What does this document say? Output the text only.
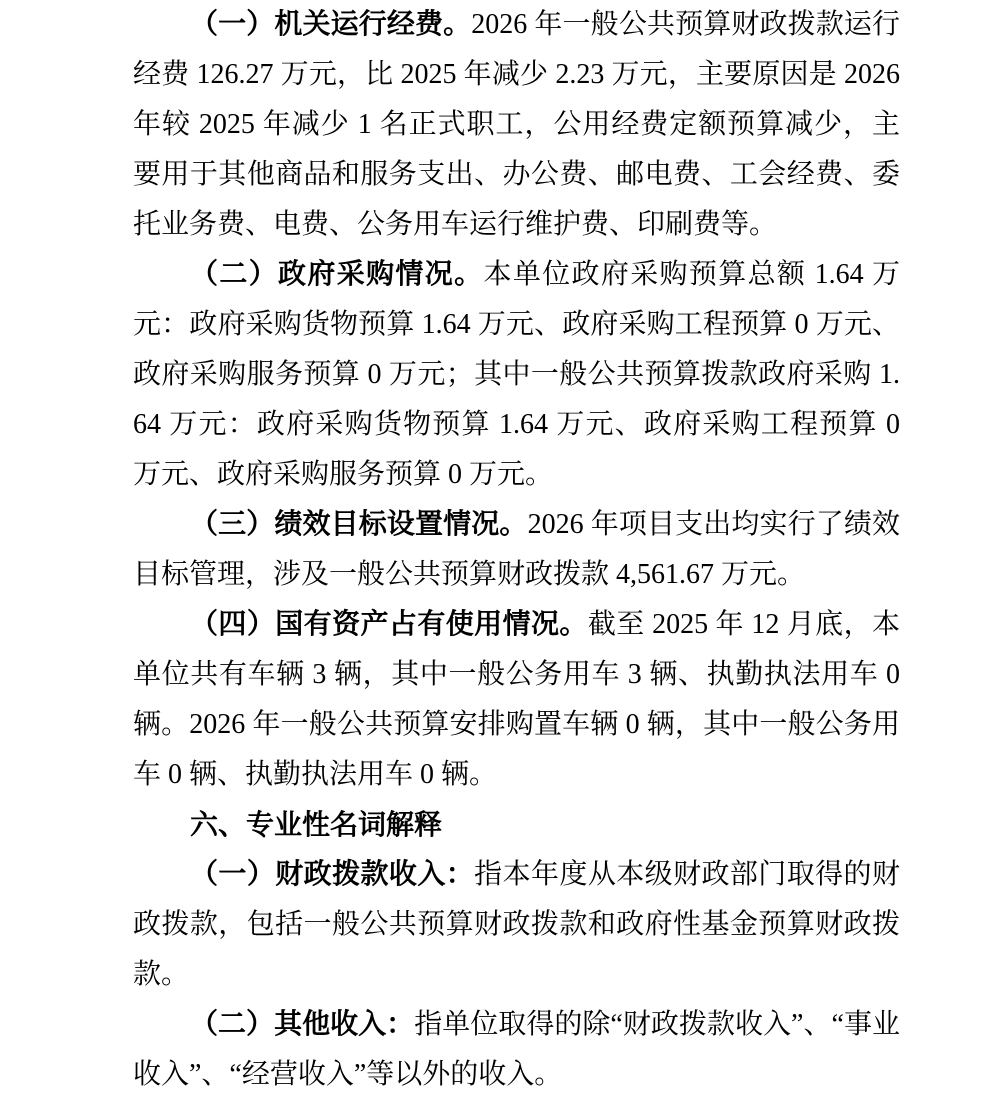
（一）机关运行经费。2026 年一般公共预算财政拨款运行经费 126.27 万元，比 2025 年减少 2.23 万元，主要原因是 2026 年较 2025 年减少 1 名正式职工，公用经费定额预算减少，主要用于其他商品和服务支出、办公费、邮电费、工会经费、委托业务费、电费、公务用车运行维护费、印刷费等。

（二）政府采购情况。本单位政府采购预算总额 1.64 万元：政府采购货物预算 1.64 万元、政府采购工程预算 0 万元、政府采购服务预算 0 万元；其中一般公共预算拨款政府采购 1.64 万元：政府采购货物预算 1.64 万元、政府采购工程预算 0 万元、政府采购服务预算 0 万元。

（三）绩效目标设置情况。2026 年项目支出均实行了绩效目标管理，涉及一般公共预算财政拨款 4,561.67 万元。

（四）国有资产占有使用情况。截至 2025 年 12 月底，本单位共有车辆 3 辆，其中一般公务用车 3 辆、执勤执法用车 0 辆。2026 年一般公共预算安排购置车辆 0 辆，其中一般公务用车 0 辆、执勤执法用车 0 辆。

六、专业性名词解释

（一）财政拨款收入：指本年度从本级财政部门取得的财政拨款，包括一般公共预算财政拨款和政府性基金预算财政拨款。

（二）其他收入：指单位取得的除“财政拨款收入”、“事业收入”、“经营收入”等以外的收入。
